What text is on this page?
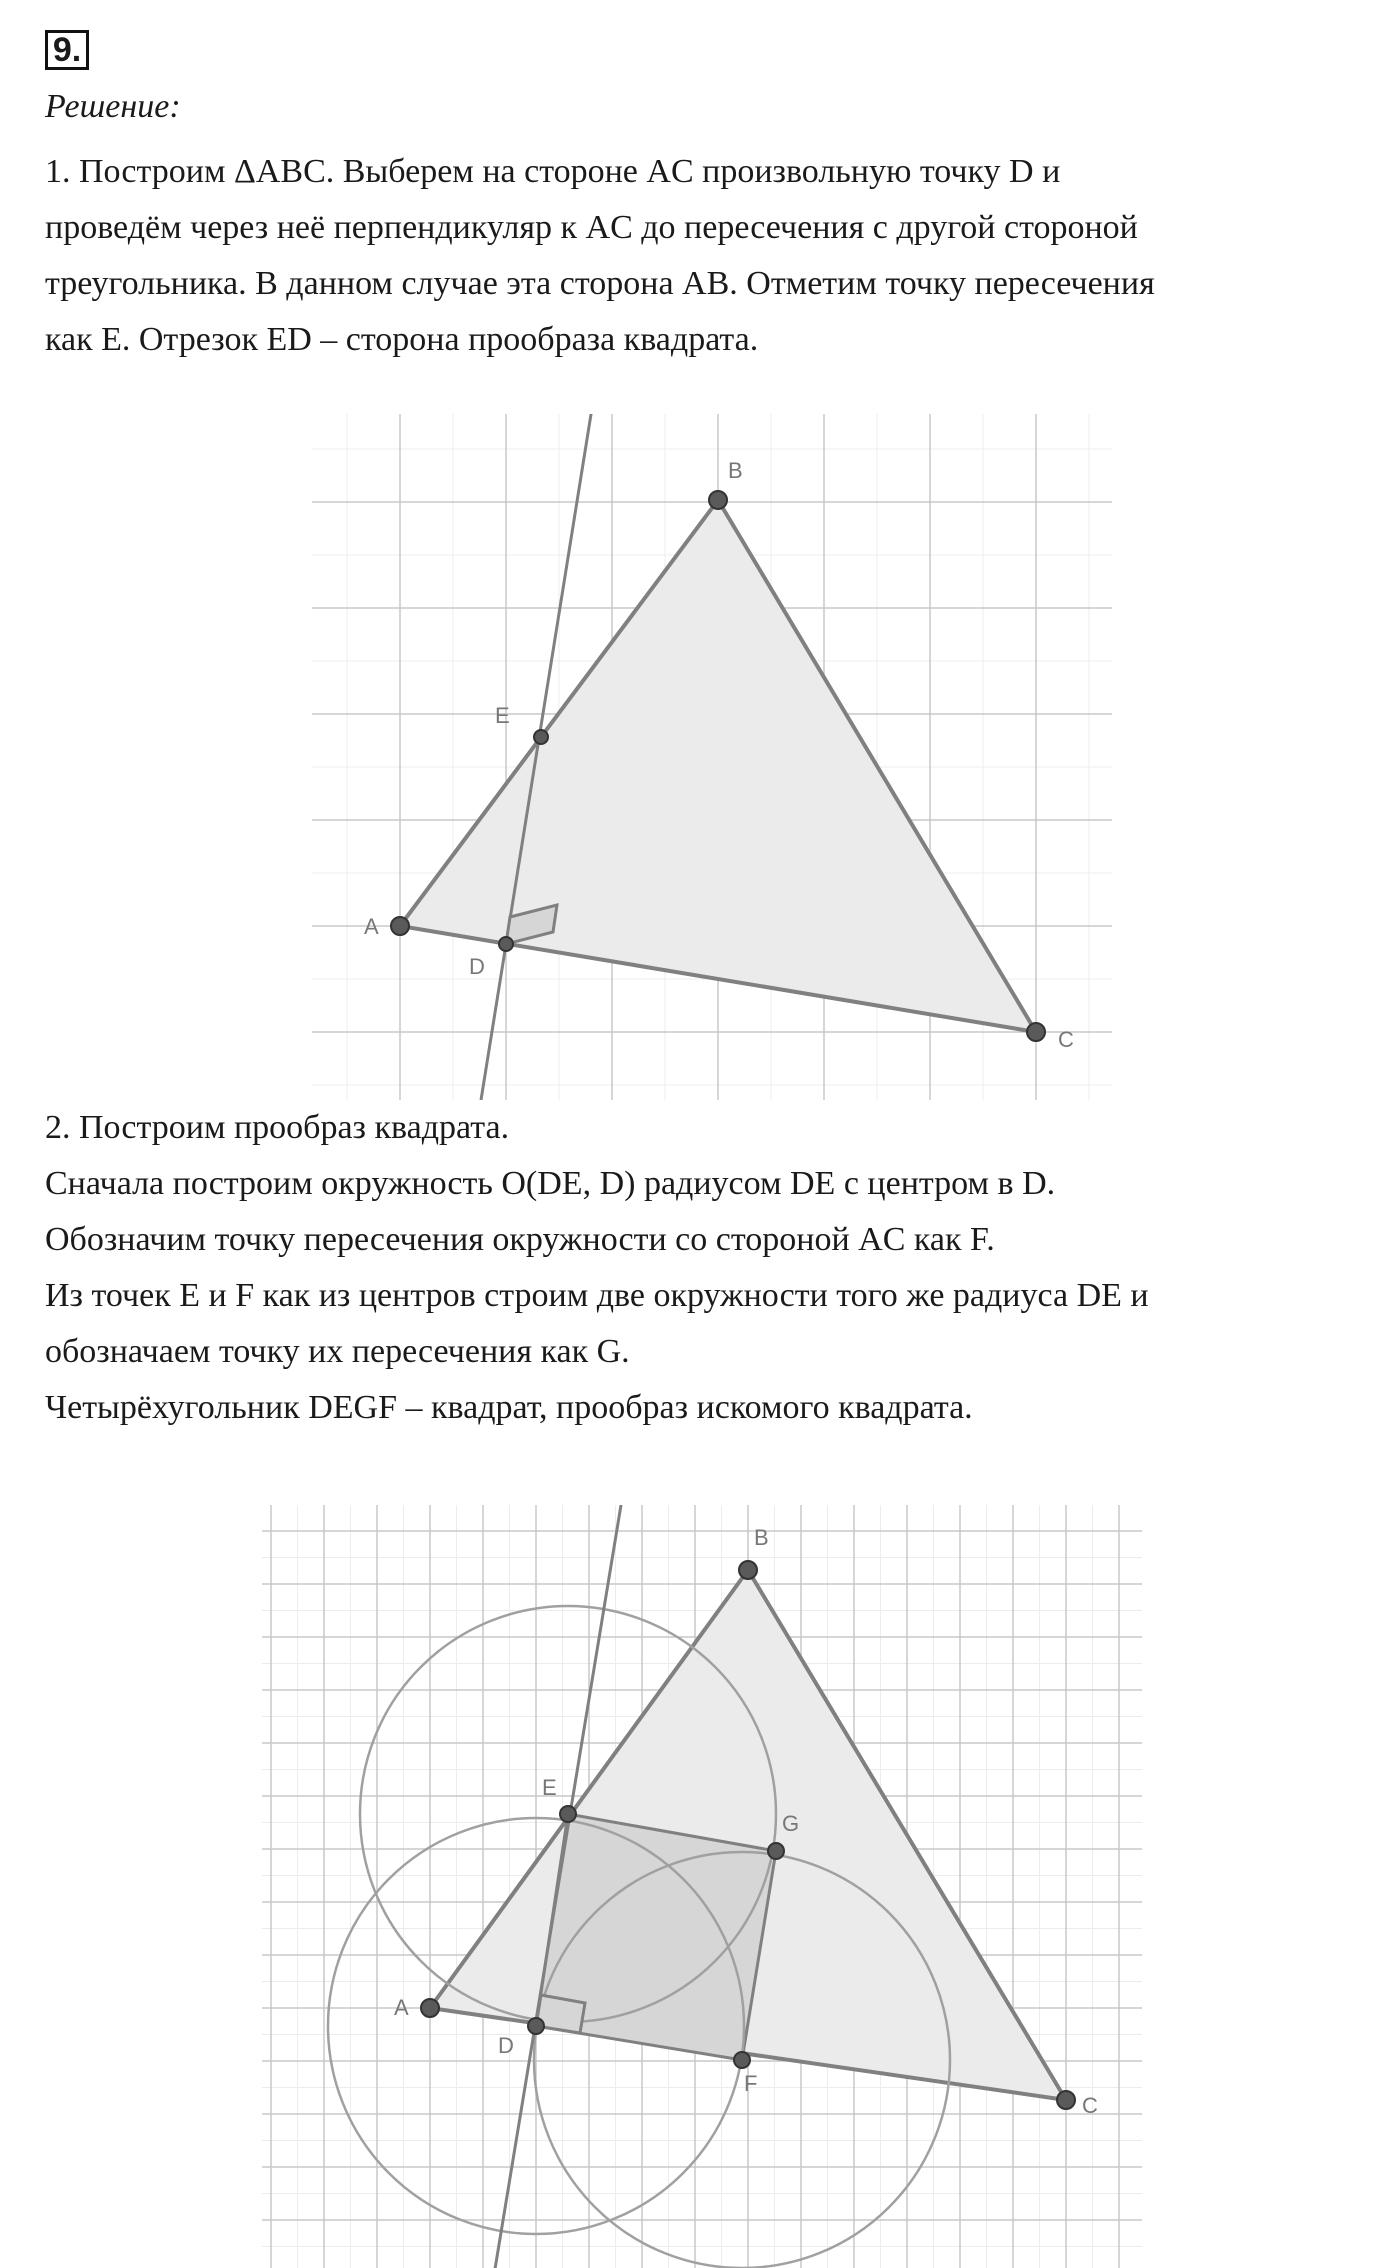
9.
Решение:

1. Построим ΔABC. Выберем на стороне AC произвольную точку D и
проведём через неё перпендикуляр к AC до пересечения с другой стороной
треугольника. В данном случае эта сторона AB. Отметим точку пересечения
как E. Отрезок ED – сторона прообраза квадрата.

A
B
C
D
E

2. Построим прообраз квадрата.
Сначала построим окружность O(DE, D) радиусом DE с центром в D.
Обозначим точку пересечения окружности со стороной AC как F.
Из точек E и F как из центров строим две окружности того же радиуса DE и
обозначаем точку их пересечения как G.
Четырёхугольник DEGF – квадрат, прообраз искомого квадрата.

A
B
C
D
E
F
G
